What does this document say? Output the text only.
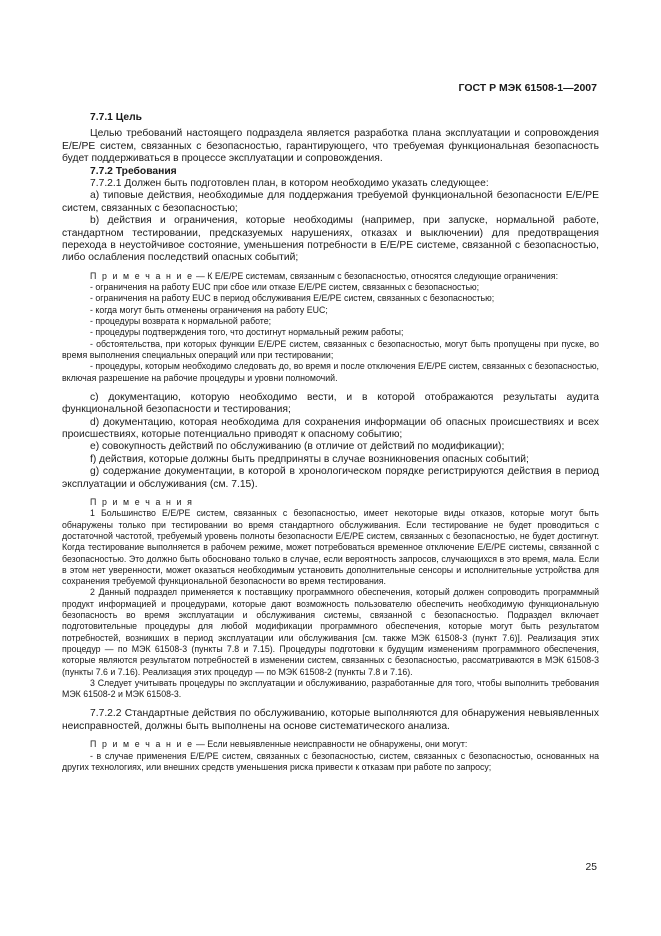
ГОСТ Р МЭК 61508-1—2007

7.7.1 Цель

Целью требований настоящего подраздела является разработка плана эксплуатации и сопровождения Е/Е/РЕ систем, связанных с безопасностью, гарантирующего, что требуемая функциональная безопасность будет поддерживаться в процессе эксплуатации и сопровождения.

7.7.2 Требования

7.7.2.1 Должен быть подготовлен план, в котором необходимо указать следующее:

a) типовые действия, необходимые для поддержания требуемой функциональной безопасности Е/Е/РЕ систем, связанных с безопасностью;

b) действия и ограничения, которые необходимы (например, при запуске, нормальной работе, стандартном тестировании, предсказуемых нарушениях, отказах и выключении) для предотвращения перехода в неустойчивое состояние, уменьшения потребности в Е/Е/РЕ системе, связанной с безопасностью, либо ослабления последствий опасных событий;

П р и м е ч а н и е — К Е/Е/РЕ системам, связанным с безопасностью, относятся следующие ограничения:

- ограничения на работу EUC при сбое или отказе Е/Е/РЕ систем, связанных с безопасностью;

- ограничения на работу EUC в период обслуживания Е/Е/РЕ систем, связанных с безопасностью;

- когда могут быть отменены ограничения на работу EUC;

- процедуры возврата к нормальной работе;

- процедуры подтверждения того, что достигнут нормальный режим работы;

- обстоятельства, при которых функции Е/Е/РЕ систем, связанных с безопасностью, могут быть пропущены при пуске, во время выполнения специальных операций или при тестировании;

- процедуры, которым необходимо следовать до, во время и после отключения Е/Е/РЕ систем, связанных с безопасностью, включая разрешение на рабочие процедуры и уровни полномочий.

c) документацию, которую необходимо вести, и в которой отображаются результаты аудита функциональной безопасности и тестирования;

d) документацию, которая необходима для сохранения информации об опасных происшествиях и всех происшествиях, которые потенциально приводят к опасному событию;

e) совокупность действий по обслуживанию (в отличие от действий по модификации);

f) действия, которые должны быть предприняты в случае возникновения опасных событий;

g) содержание документации, в которой в хронологическом порядке регистрируются действия в период эксплуатации и обслуживания (см. 7.15).

П р и м е ч а н и я

1 Большинство Е/Е/РЕ систем, связанных с безопасностью, имеет некоторые виды отказов, которые могут быть обнаружены только при тестировании во время стандартного обслуживания. Если тестирование не будет проводиться с достаточной частотой, требуемый уровень полноты безопасности Е/Е/РЕ систем, связанных с безопасностью, не будет достигнут. Когда тестирование выполняется в рабочем режиме, может потребоваться временное отключение Е/Е/РЕ системы, связанной с безопасностью. Это должно быть обосновано только в случае, если вероятность запросов, случающихся в это время, мала. Если в этом нет уверенности, может оказаться необходимым установить дополнительные сенсоры и исполнительные устройства для сохранения требуемой функциональной безопасности во время тестирования.

2 Данный подраздел применяется к поставщику программного обеспечения, который должен сопроводить программный продукт информацией и процедурами, которые дают возможность пользователю обеспечить необходимую функциональную безопасность во время эксплуатации и обслуживания системы, связанной с безопасностью. Подраздел включает подготовительные процедуры для любой модификации программного обеспечения, которые могут быть результатом потребностей, возникших в период эксплуатации или обслуживания [см. также МЭК 61508-3 (пункт 7.6)]. Реализация этих процедур — по МЭК 61508-3 (пункты 7.8 и 7.15). Процедуры подготовки к будущим изменениям программного обеспечения, которые являются результатом потребностей в изменении систем, связанных с безопасностью, рассматриваются в МЭК 61508-3 (пункты 7.6 и 7.16). Реализация этих процедур — по МЭК 61508-2 (пункты 7.8 и 7.16).

3 Следует учитывать процедуры по эксплуатации и обслуживанию, разработанные для того, чтобы выполнить требования МЭК 61508-2 и МЭК 61508-3.

7.7.2.2 Стандартные действия по обслуживанию, которые выполняются для обнаружения невыявленных неисправностей, должны быть выполнены на основе систематического анализа.

П р и м е ч а н и е — Если невыявленные неисправности не обнаружены, они могут:

- в случае применения Е/Е/РЕ систем, связанных с безопасностью, систем, связанных с безопасностью, основанных на других технологиях, или внешних средств уменьшения риска привести к отказам при работе по запросу;

25
